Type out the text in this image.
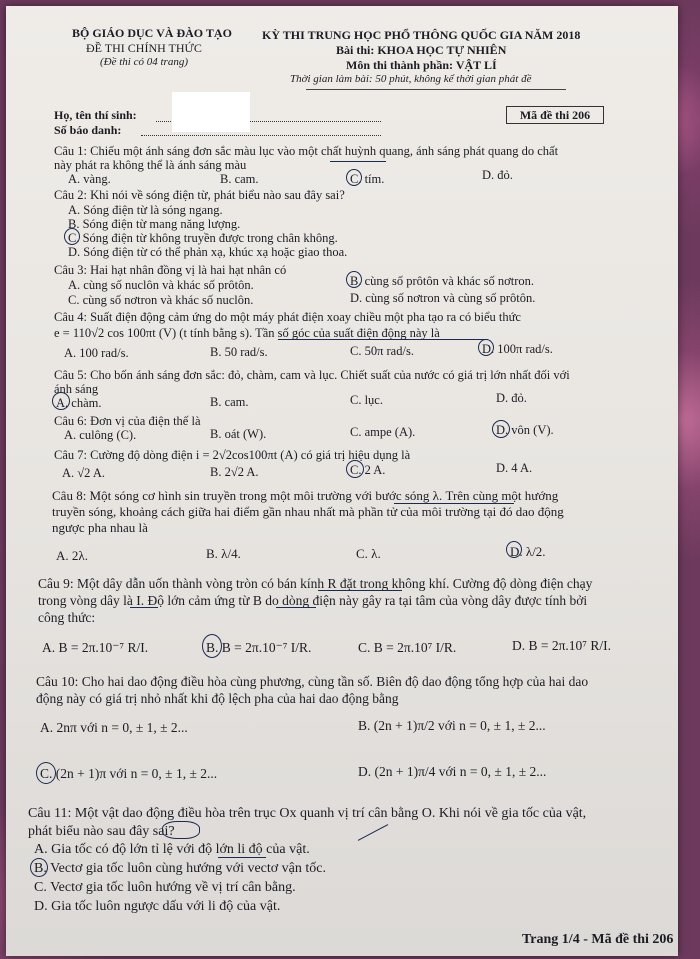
BỘ GIÁO DỤC VÀ ĐÀO TẠO
ĐỀ THI CHÍNH THỨC
(Đề thi có 04 trang)
KỲ THI TRUNG HỌC PHỔ THÔNG QUỐC GIA NĂM 2018
Bài thi: KHOA HỌC TỰ NHIÊN
Môn thi thành phần: VẬT LÍ
Thời gian làm bài: 50 phút, không kể thời gian phát đề
Họ, tên thí sinh:
Số báo danh:
Mã đề thi 206
Câu 1: Chiếu một ánh sáng đơn sắc màu lục vào một chất huỳnh quang, ánh sáng phát quang do chất
này phát ra không thể là ánh sáng màu
A. vàng.	B. cam.	C. tím.	D. đỏ.
Câu 2: Khi nói về sóng điện từ, phát biểu nào sau đây sai?
A. Sóng điện từ là sóng ngang.
B. Sóng điện từ mang năng lượng.
C. Sóng điện từ không truyền được trong chân không.
D. Sóng điện từ có thể phản xạ, khúc xạ hoặc giao thoa.
Câu 3: Hai hạt nhân đồng vị là hai hạt nhân có
A. cùng số nuclôn và khác số prôtôn.	B. cùng số prôtôn và khác số nơtron.
C. cùng số nơtron và khác số nuclôn.	D. cùng số nơtron và cùng số prôtôn.
Câu 4: Suất điện động cảm ứng do một máy phát điện xoay chiều một pha tạo ra có biểu thức
e = 110√2 cos 100πt (V) (t tính bằng s). Tần số góc của suất điện động này là
A. 100 rad/s.	B. 50 rad/s.	C. 50π rad/s.	D. 100π rad/s.
Câu 5: Cho bốn ánh sáng đơn sắc: đỏ, chàm, cam và lục. Chiết suất của nước có giá trị lớn nhất đối với
ánh sáng
A. chàm.	B. cam.	C. lục.	D. đỏ.
Câu 6: Đơn vị của điện thế là
A. culông (C).	B. oát (W).	C. ampe (A).	D. vôn (V).
Câu 7: Cường độ dòng điện i = 2√2cos100πt (A) có giá trị hiệu dụng là
A. √2 A.	B. 2√2 A.	C. 2 A.	D. 4 A.
Câu 8: Một sóng cơ hình sin truyền trong một môi trường với bước sóng λ. Trên cùng một hướng
truyền sóng, khoảng cách giữa hai điểm gần nhau nhất mà phần tử của môi trường tại đó dao động
ngược pha nhau là
A. 2λ.	B. λ/4.	C. λ.	D. λ/2.
Câu 9: Một dây dẫn uốn thành vòng tròn có bán kính R đặt trong không khí. Cường độ dòng điện chạy
trong vòng dây là I. Độ lớn cảm ứng từ B do dòng điện này gây ra tại tâm của vòng dây được tính bởi
công thức:
A. B = 2π.10⁻⁷ R/I.	B. B = 2π.10⁻⁷ I/R.	C. B = 2π.10⁷ I/R.	D. B = 2π.10⁷ R/I.
Câu 10: Cho hai dao động điều hòa cùng phương, cùng tần số. Biên độ dao động tổng hợp của hai dao
động này có giá trị nhỏ nhất khi độ lệch pha của hai dao động bằng
A. 2nπ với n = 0, ± 1, ± 2...	B. (2n + 1)π/2 với n = 0, ± 1, ± 2...
C. (2n + 1)π với n = 0, ± 1, ± 2...	D. (2n + 1)π/4 với n = 0, ± 1, ± 2...
Câu 11: Một vật dao động điều hòa trên trục Ox quanh vị trí cân bằng O. Khi nói về gia tốc của vật,
phát biểu nào sau đây sai?
A. Gia tốc có độ lớn tỉ lệ với độ lớn li độ của vật.
B. Vectơ gia tốc luôn cùng hướng với vectơ vận tốc.
C. Vectơ gia tốc luôn hướng về vị trí cân bằng.
D. Gia tốc luôn ngược dấu với li độ của vật.
Trang 1/4 - Mã đề thi 206
